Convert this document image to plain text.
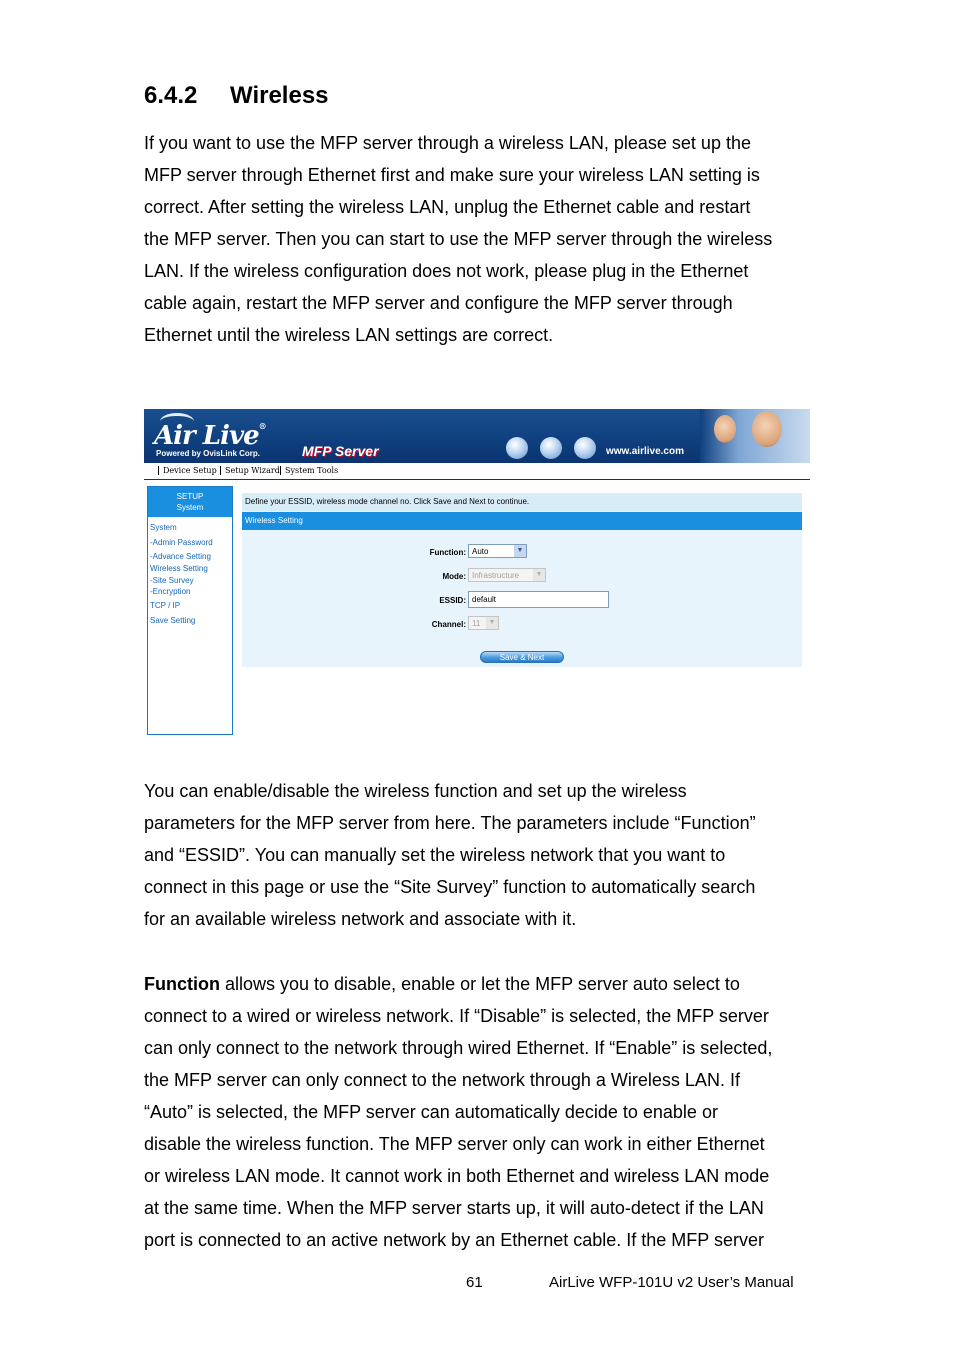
6.4.2 Wireless
If you want to use the MFP server through a wireless LAN, please set up the
MFP server through Ethernet first and make sure your wireless LAN setting is
correct. After setting the wireless LAN, unplug the Ethernet cable and restart
the MFP server. Then you can start to use the MFP server through the wireless
LAN. If the wireless configuration does not work, please plug in the Ethernet
cable again, restart the MFP server and configure the MFP server through
Ethernet until the wireless LAN settings are correct.
Air Live®
Powered by OvisLink Corp.	MFP Server	www.airlive.com
Device Setup	Setup Wizard System Tools
SETUP
System
System
-Admin Password
-Advance Setting
Wireless Setting
-Site Survey
-Encryption
TCP / IP
Save Setting
Define your ESSID, wireless mode channel no. Click Save and Next to continue.
Wireless Setting
Function: Auto	▼
Mode: Infrastructure	▼
ESSID: default
Channel: 11	▼
Save & Next
You can enable/disable the wireless function and set up the wireless
parameters for the MFP server from here. The parameters include “Function”
and “ESSID”. You can manually set the wireless network that you want to
connect in this page or use the “Site Survey” function to automatically search
for an available wireless network and associate with it.
Function allows you to disable, enable or let the MFP server auto select to
connect to a wired or wireless network. If “Disable” is selected, the MFP server
can only connect to the network through wired Ethernet. If “Enable” is selected,
the MFP server can only connect to the network through a Wireless LAN. If
“Auto” is selected, the MFP server can automatically decide to enable or
disable the wireless function. The MFP server only can work in either Ethernet
or wireless LAN mode. It cannot work in both Ethernet and wireless LAN mode
at the same time. When the MFP server starts up, it will auto-detect if the LAN
port is connected to an active network by an Ethernet cable. If the MFP server
61	AirLive WFP-101U v2 User’s Manual
